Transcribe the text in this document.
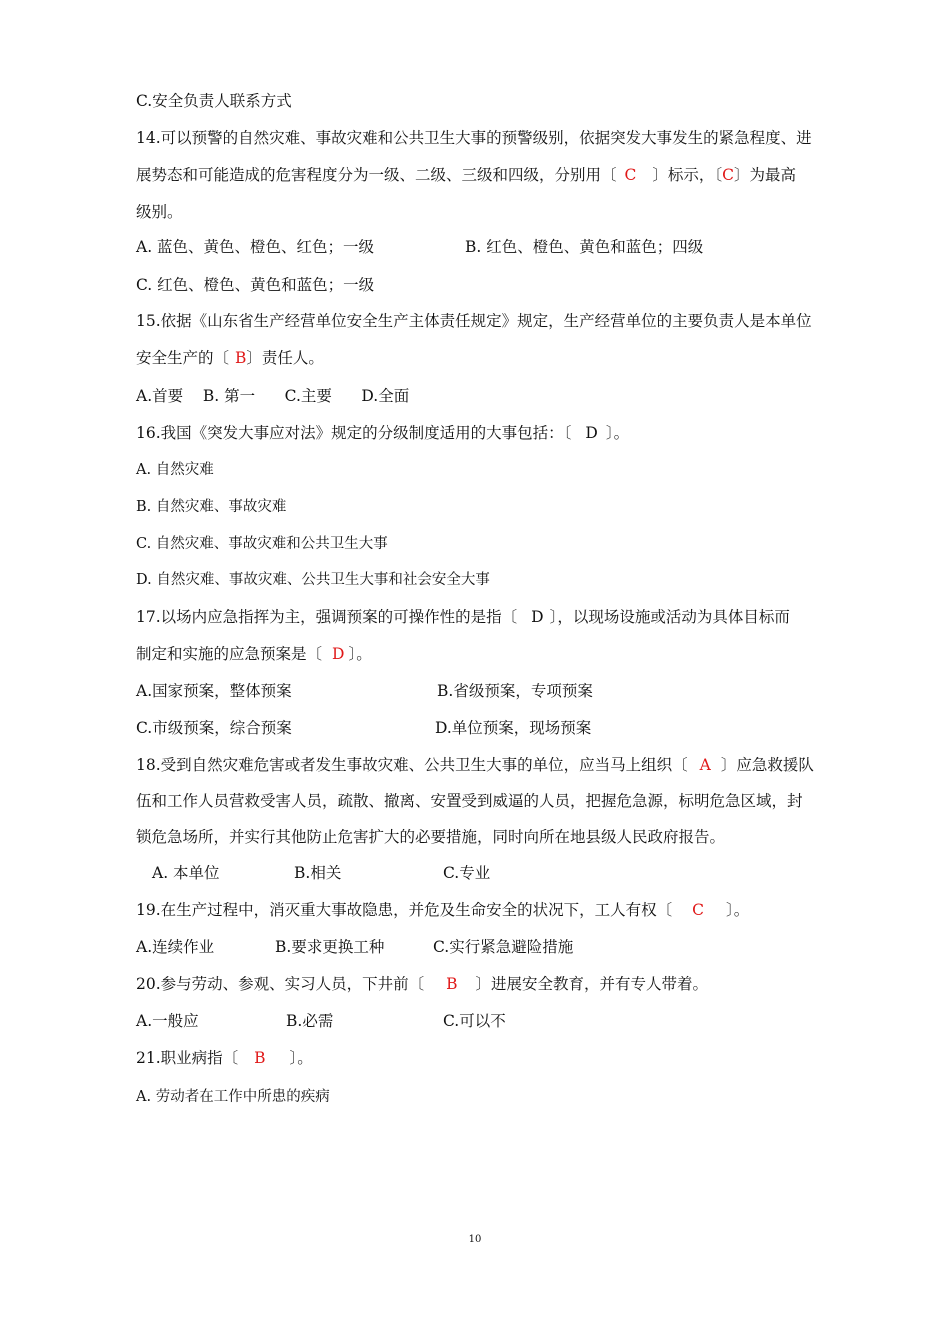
C.安全负责人联系方式
14.可以预警的自然灾难、事故灾难和公共卫生大事的预警级别，依据突发大事发生的紧急程度、进
展势态和可能造成的危害程度分为一级、二级、三级和四级，分别用〔 C 〕标示，〔C〕为最高
级别。
A. 蓝色、黄色、橙色、红色；一级	B. 红色、橙色、黄色和蓝色；四级
C. 红色、橙色、黄色和蓝色；一级
15.依据《山东省生产经营单位安全生产主体责任规定》规定，生产经营单位的主要负责人是本单位
安全生产的〔 B〕责任人。
A.首要    B. 第一      C.主要      D.全面
16.我国《突发大事应对法》规定的分级制度适用的大事包括：〔 D 〕。
A. 自然灾难
B. 自然灾难、事故灾难
C. 自然灾难、事故灾难和公共卫生大事
D. 自然灾难、事故灾难、公共卫生大事和社会安全大事
17.以场内应急指挥为主，强调预案的可操作性的是指〔 D 〕，以现场设施或活动为具体目标而
制定和实施的应急预案是〔 D 〕。
A.国家预案，整体预案	B.省级预案，专项预案
C.市级预案，综合预案	D.单位预案，现场预案
18.受到自然灾难危害或者发生事故灾难、公共卫生大事的单位，应当马上组织〔 A 〕应急救援队
伍和工作人员营救受害人员，疏散、撤离、安置受到威逼的人员，把握危急源，标明危急区域，封
锁危急场所，并实行其他防止危害扩大的必要措施，同时向所在地县级人民政府报告。
A. 本单位	B.相关	C.专业
19.在生产过程中，消灭重大事故隐患，并危及生命安全的状况下，工人有权〔 C 〕。
A.连续作业	B.要求更换工种	C.实行紧急避险措施
20.参与劳动、参观、实习人员，下井前〔 B 〕进展安全教育，并有专人带着。
A.一般应	B.必需	C.可以不
21.职业病指〔 B 〕。
A. 劳动者在工作中所患的疾病
10
